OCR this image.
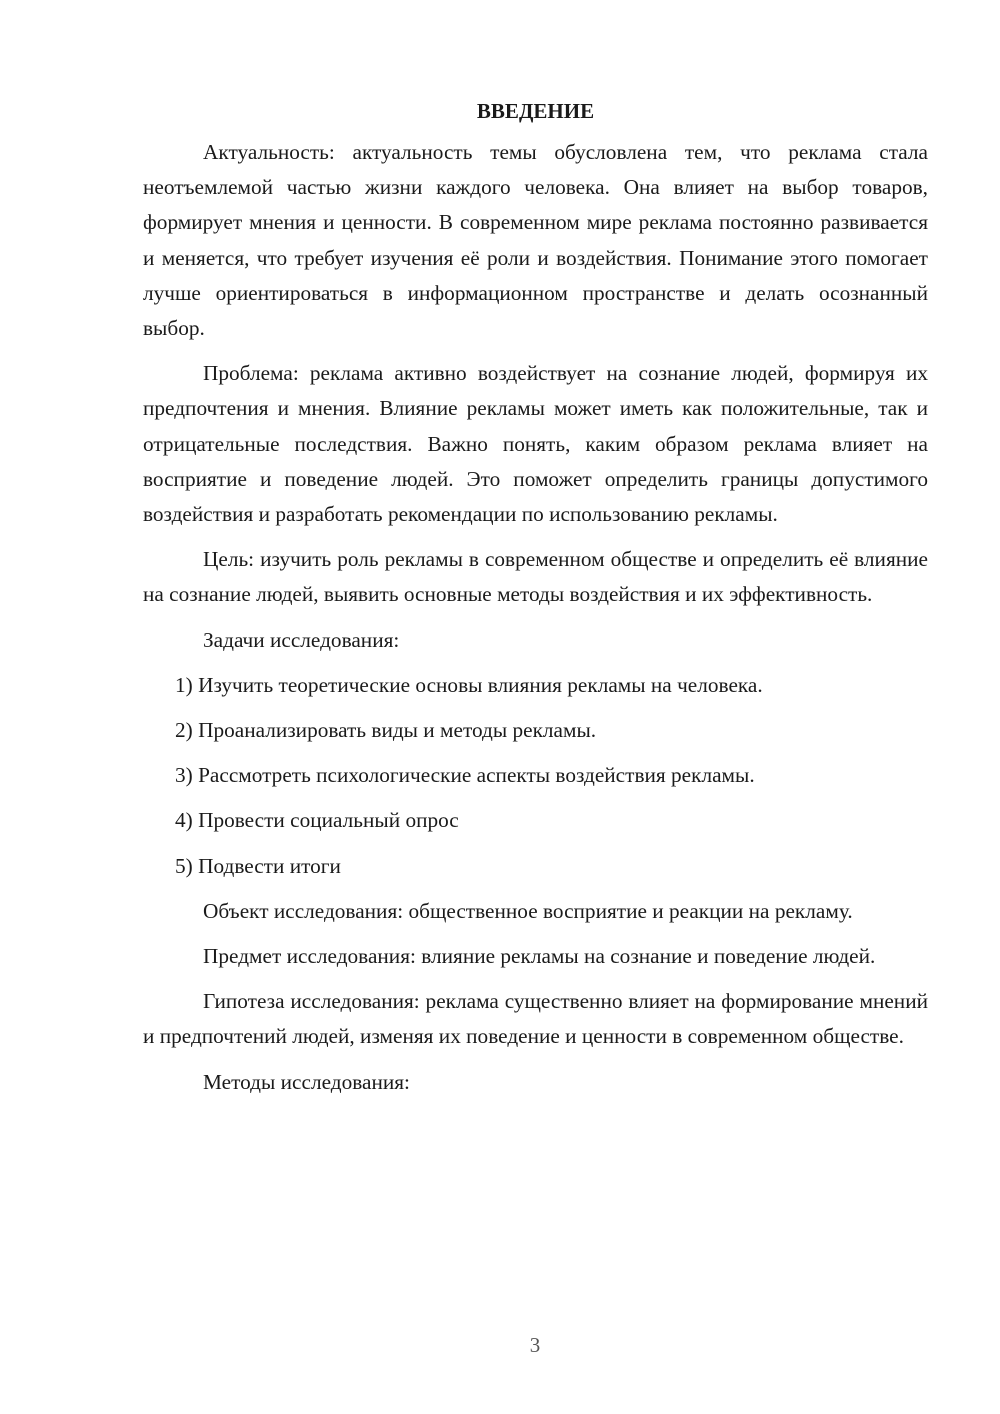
ВВЕДЕНИЕ

Актуальность: актуальность темы обусловлена тем, что реклама стала неотъемлемой частью жизни каждого человека. Она влияет на выбор товаров, формирует мнения и ценности. В современном мире реклама постоянно развивается и меняется, что требует изучения её роли и воздействия. Понимание этого помогает лучше ориентироваться в информационном пространстве и делать осознанный выбор.

Проблема: реклама активно воздействует на сознание людей, формируя их предпочтения и мнения. Влияние рекламы может иметь как положительные, так и отрицательные последствия. Важно понять, каким образом реклама влияет на восприятие и поведение людей. Это поможет определить границы допустимого воздействия и разработать рекомендации по использованию рекламы.

Цель: изучить роль рекламы в современном обществе и определить её влияние на сознание людей, выявить основные методы воздействия и их эффективность.

Задачи исследования:

1) Изучить теоретические основы влияния рекламы на человека.
2) Проанализировать виды и методы рекламы.
3) Рассмотреть психологические аспекты воздействия рекламы.
4) Провести социальный опрос
5) Подвести итоги

Объект исследования: общественное восприятие и реакции на рекламу.

Предмет исследования: влияние рекламы на сознание и поведение людей.

Гипотеза исследования: реклама существенно влияет на формирование мнений и предпочтений людей, изменяя их поведение и ценности в современном обществе.

Методы исследования:

3
